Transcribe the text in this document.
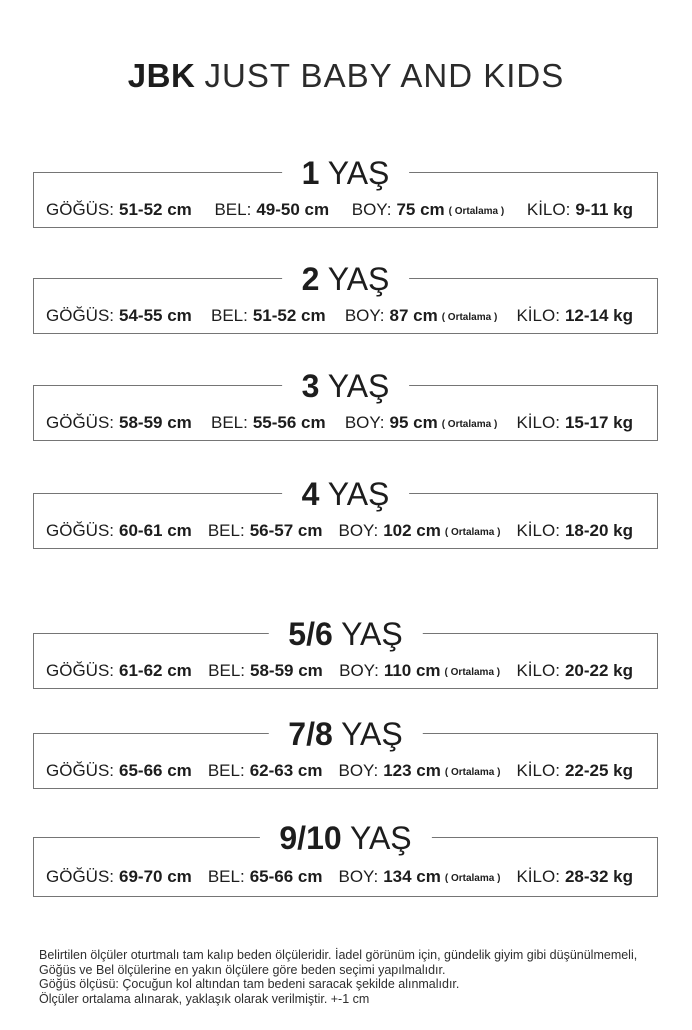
JBK JUST BABY AND KIDS
1 YAŞ
GÖĞÜS: 51-52 cm BEL: 49-50 cm BOY: 75 cm ( Ortalama ) KİLO: 9-11 kg
2 YAŞ
GÖĞÜS: 54-55 cm BEL: 51-52 cm BOY: 87 cm ( Ortalama ) KİLO: 12-14 kg
3 YAŞ
GÖĞÜS: 58-59 cm BEL: 55-56 cm BOY: 95 cm ( Ortalama ) KİLO: 15-17 kg
4 YAŞ
GÖĞÜS: 60-61 cm BEL: 56-57 cm BOY: 102 cm ( Ortalama ) KİLO: 18-20 kg
5/6 YAŞ
GÖĞÜS: 61-62 cm BEL: 58-59 cm BOY: 110 cm ( Ortalama ) KİLO: 20-22 kg
7/8 YAŞ
GÖĞÜS: 65-66 cm BEL: 62-63 cm BOY: 123 cm ( Ortalama ) KİLO: 22-25 kg
9/10 YAŞ
GÖĞÜS: 69-70 cm BEL: 65-66 cm BOY: 134 cm ( Ortalama ) KİLO: 28-32 kg
Belirtilen ölçüler oturtmalı tam kalıp beden ölçüleridir. İadel görünüm için, gündelik giyim gibi düşünülmemeli,
Göğüs ve Bel ölçülerine en yakın ölçülere göre beden seçimi yapılmalıdır.
Göğüs ölçüsü: Çocuğun kol altından tam bedeni saracak şekilde alınmalıdır.
Ölçüler ortalama alınarak, yaklaşık olarak verilmiştir. +-1 cm
